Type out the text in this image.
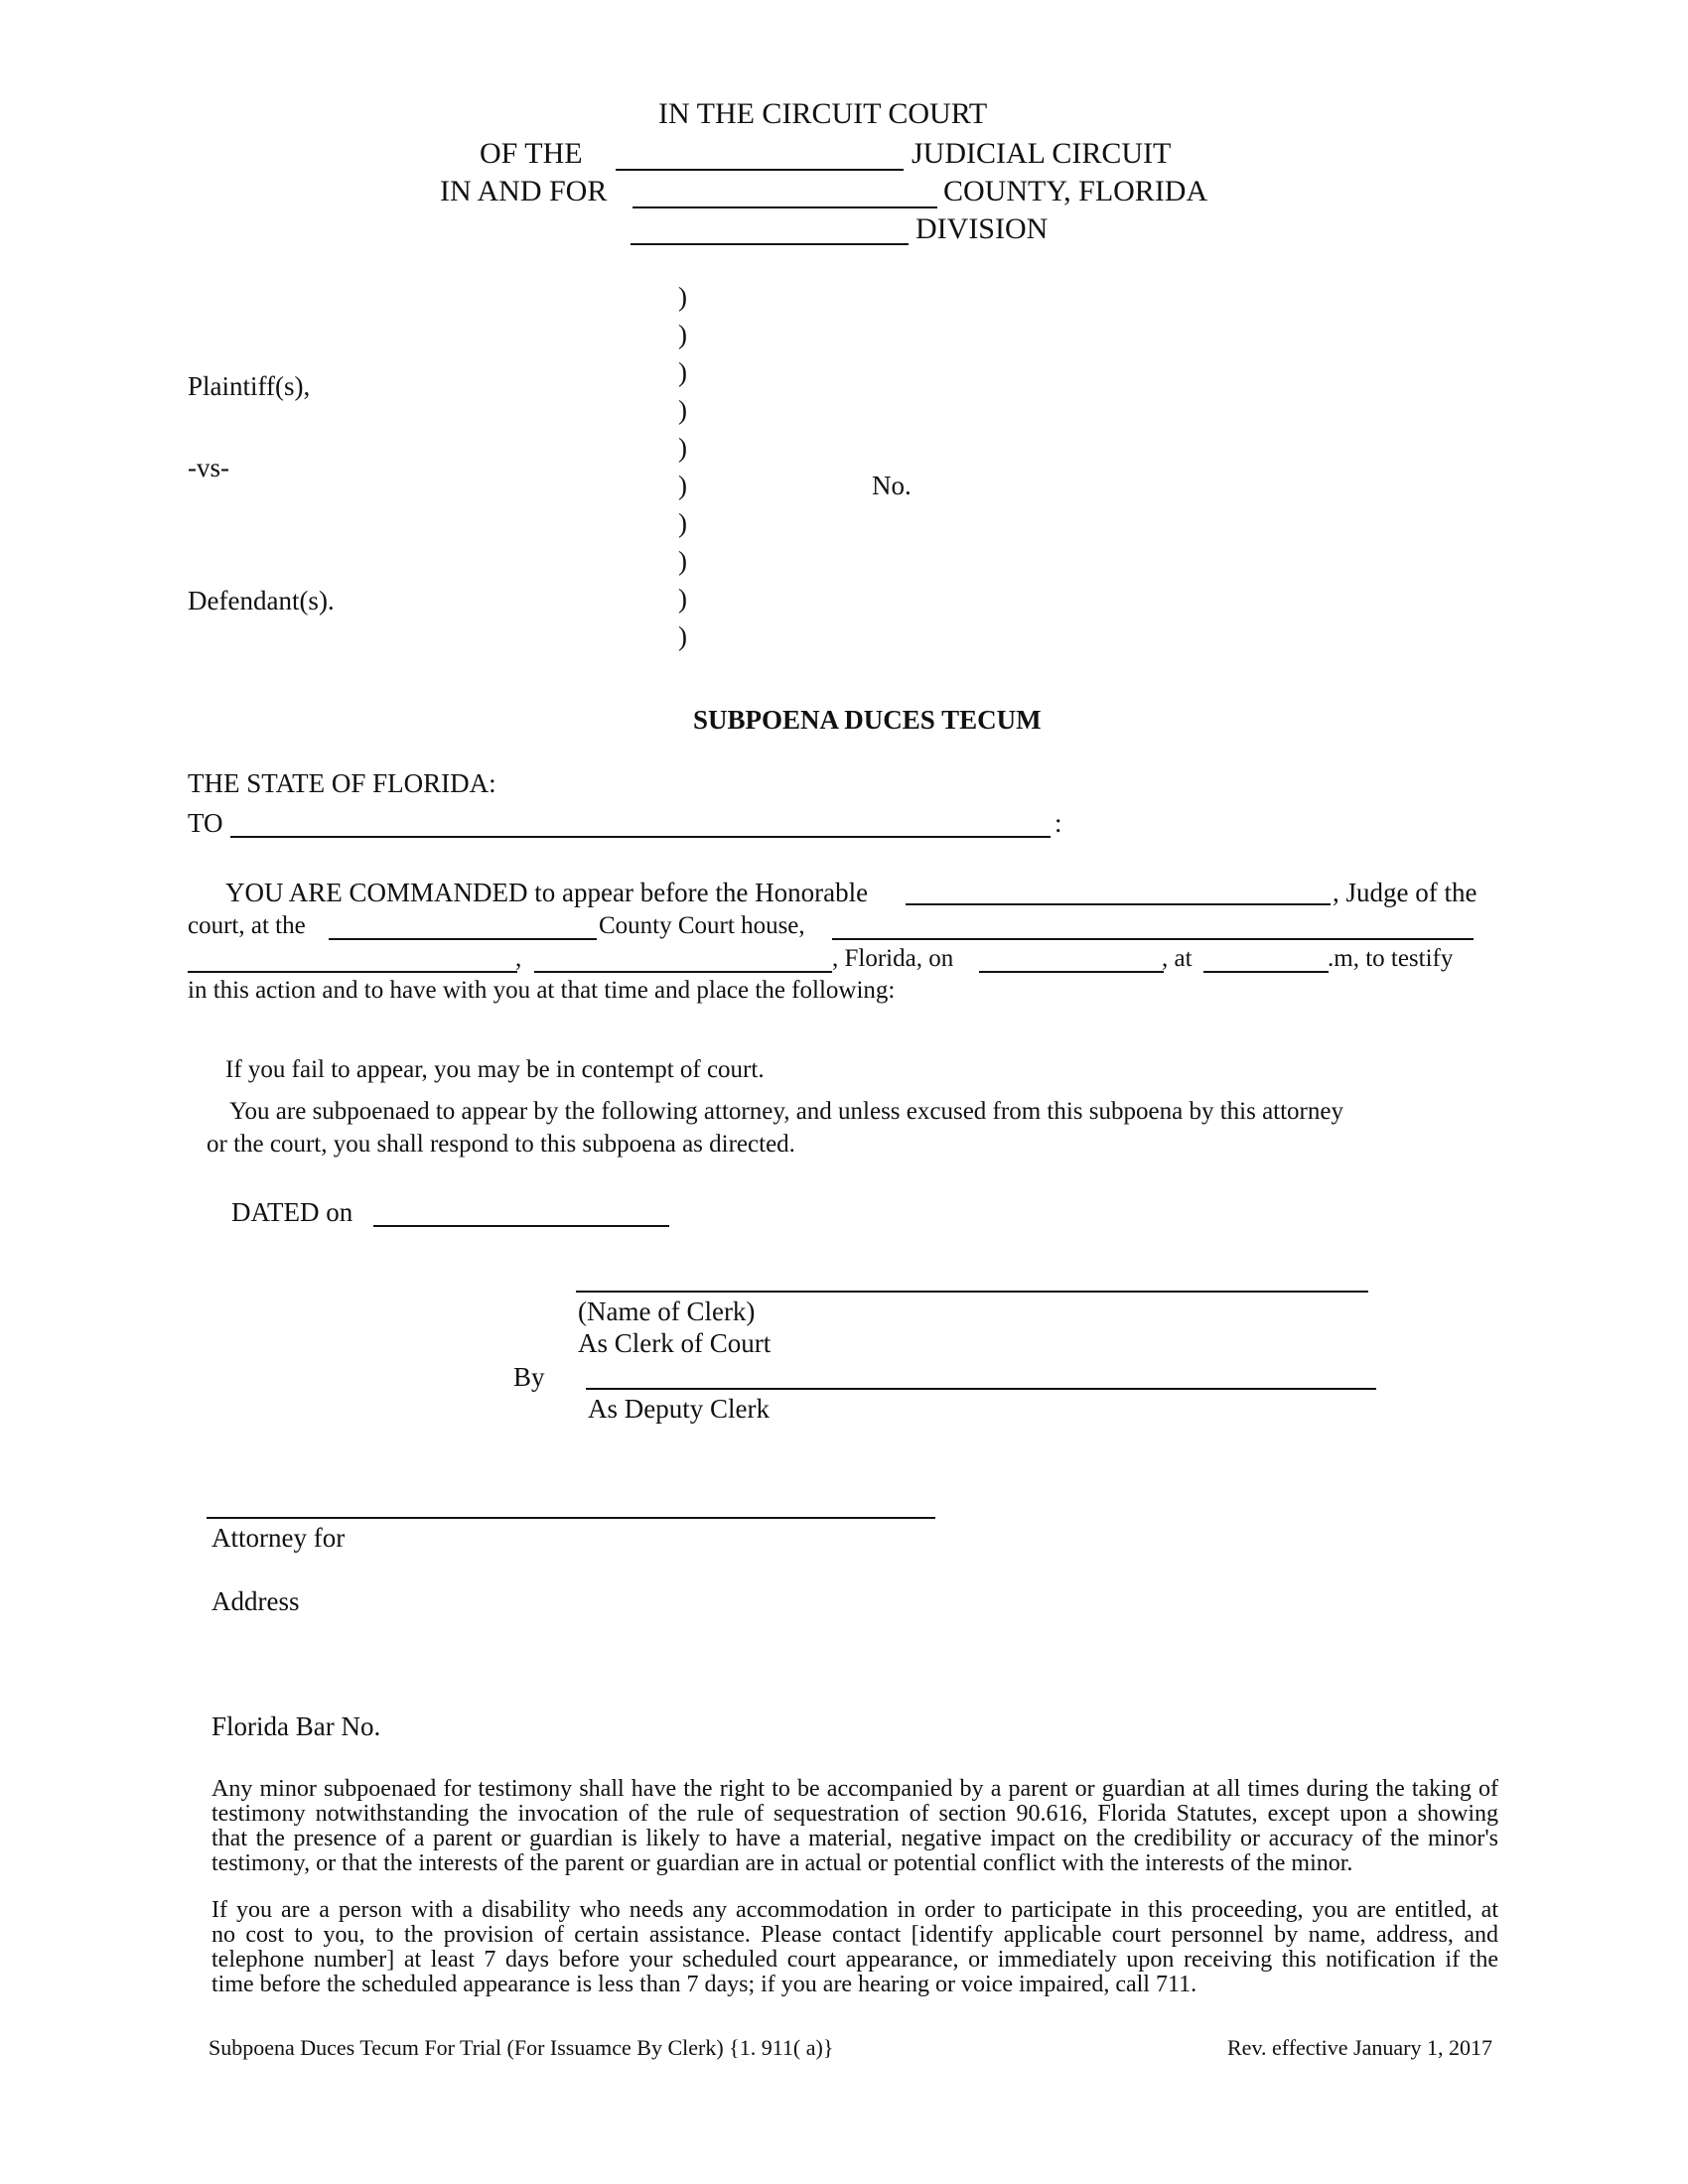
IN THE CIRCUIT COURT
OF THE	JUDICIAL CIRCUIT
IN AND FOR	COUNTY, FLORIDA
DIVISION
)
)
)
)
)
)
)
)
)
)
Plaintiff(s),
-vs-
No.
Defendant(s).
SUBPOENA DUCES TECUM
THE STATE OF FLORIDA:
TO	:
YOU ARE COMMANDED to appear before the Honorable	, Judge of the
court, at the	County Court house,
,	, Florida, on	, at	.m, to testify
in this action and to have with you at that time and place the following:
If you fail to appear, you may be in contempt of court.
You are subpoenaed to appear by the following attorney, and unless excused from this subpoena by this attorney
or the court, you shall respond to this subpoena as directed.
DATED on
(Name of Clerk)
As Clerk of Court
By
As Deputy Clerk
Attorney for
Address
Florida Bar No.
Any minor subpoenaed for testimony shall have the right to be accompanied by a parent or guardian at all times during the taking of
testimony notwithstanding the invocation of the rule of sequestration of section 90.616, Florida Statutes, except upon a showing
that the presence of a parent or guardian is likely to have a material, negative impact on the credibility or accuracy of the minor's
testimony, or that the interests of the parent or guardian are in actual or potential conflict with the interests of the minor.
If you are a person with a disability who needs any accommodation in order to participate in this proceeding, you are entitled, at
no cost to you, to the provision of certain assistance. Please contact [identify applicable court personnel by name, address, and
telephone number] at least 7 days before your scheduled court appearance, or immediately upon receiving this notification if the
time before the scheduled appearance is less than 7 days; if you are hearing or voice impaired, call 711.
Subpoena Duces Tecum For Trial (For Issuamce By Clerk) {1. 911( a)}	Rev. effective January 1, 2017
